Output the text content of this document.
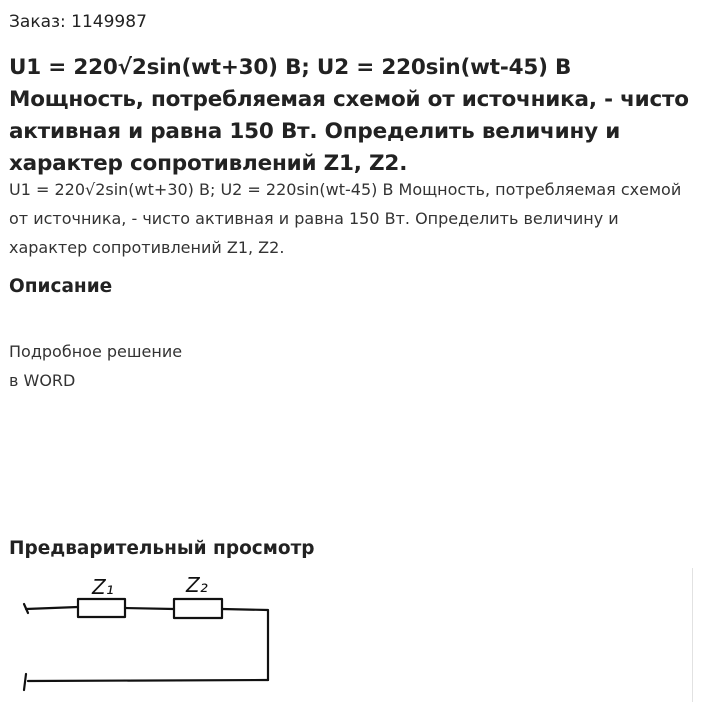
Заказ: 1149987
U1 = 220√2sin(wt+30) В; U2 = 220sin(wt-45) В Мощность, потребляемая схемой от источника, - чисто активная и равна 150 Вт. Определить величину и характер сопротивлений Z1, Z2.

U1 = 220√2sin(wt+30) В; U2 = 220sin(wt-45) В Мощность, потребляемая схемой от источника, - чисто активная и равна 150 Вт. Определить величину и характер сопротивлений Z1, Z2.

Описание
Подробное решение
в WORD
Предварительный просмотр
Z₁	Z₂
